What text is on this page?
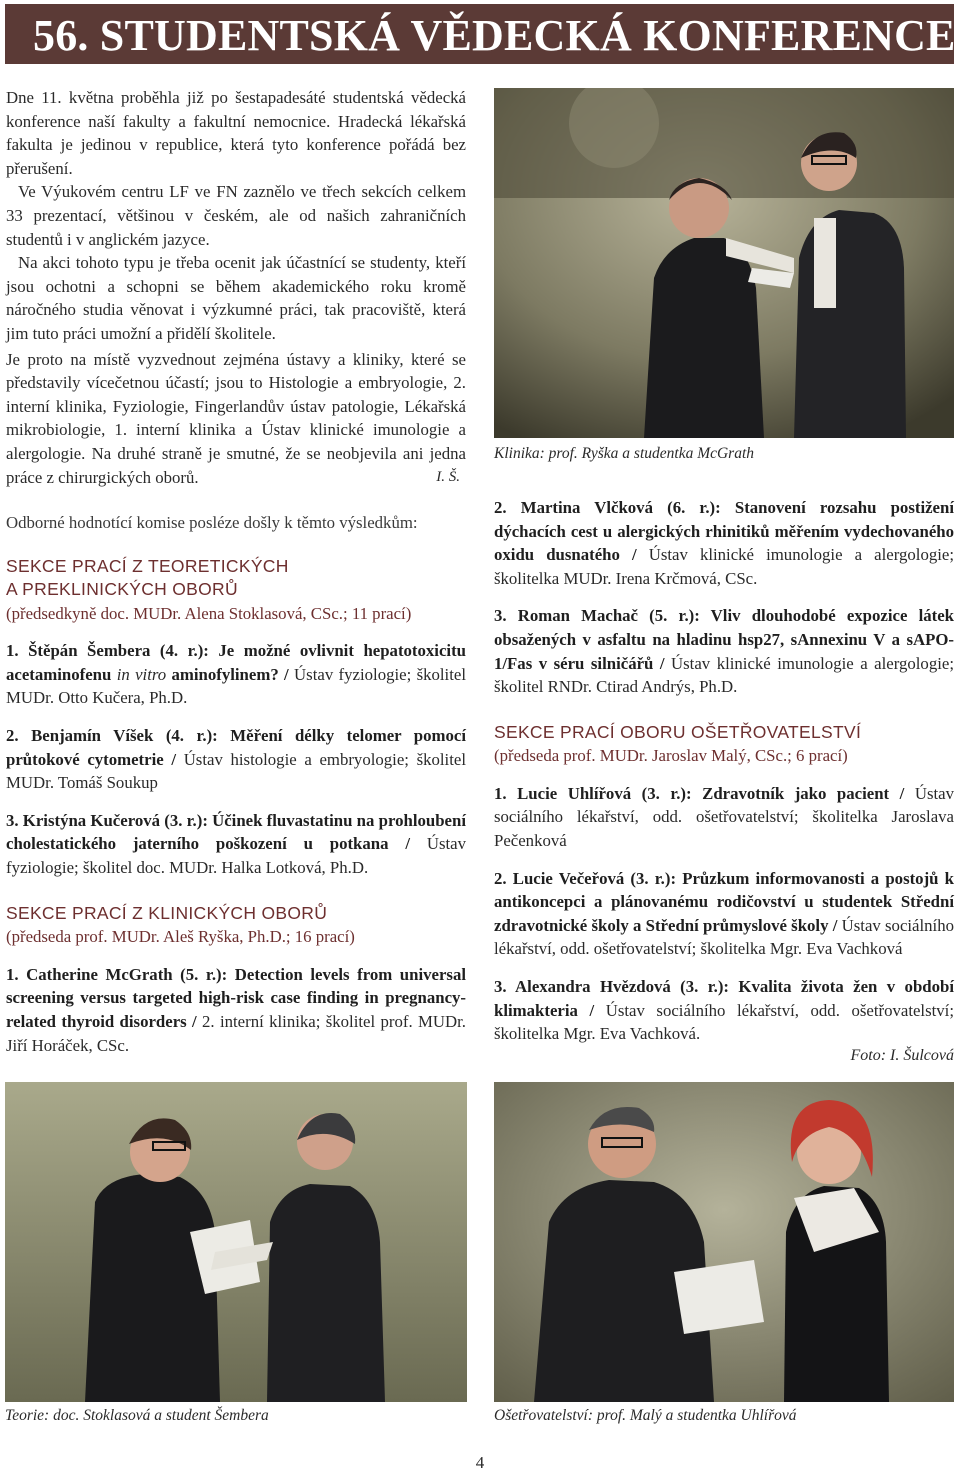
56. STUDENTSKÁ VĚDECKÁ KONFERENCE

Dne 11. května proběhla již po šestapadesáté studentská vědecká konference naší fakulty a fakultní nemocnice. Hradecká lékařská fakulta je jedinou v republice, která tyto konference pořádá bez přerušení.

Ve Výukovém centru LF ve FN zaznělo ve třech sekcích celkem 33 prezentací, většinou v českém, ale od našich zahraničních studentů i v anglickém jazyce.

Na akci tohoto typu je třeba ocenit jak účastnící se studenty, kteří jsou ochotni a schopni se během akademického roku kromě náročného studia věnovat i výzkumné práci, tak pracoviště, která jim tuto práci umožní a přidělí školitele.

Je proto na místě vyzvednout zejména ústavy a kliniky, které se představily vícečetnou účastí; jsou to Histologie a embryologie, 2. interní klinika, Fyziologie, Fingerlandův ústav patologie, Lékařská mikrobiologie, 1. interní klinika a Ústav klinické imunologie a alergologie. Na druhé straně je smutné, že se neobjevila ani jedna práce z chirurgických oborů.	I. Š.

Odborné hodnotící komise posléze došly k těmto výsledkům:

SEKCE PRACÍ Z TEORETICKÝCH
A PREKLINICKÝCH OBORŮ
(předsedkyně doc. MUDr. Alena Stoklasová, CSc.; 11 prací)

1. Štěpán Šembera (4. r.): Je možné ovlivnit hepatotoxicitu acetaminofenu in vitro aminofylinem? / Ústav fyziologie; školitel MUDr. Otto Kučera, Ph.D.

2. Benjamín Víšek (4. r.): Měření délky telomer pomocí průtokové cytometrie / Ústav histologie a embryologie; školitel MUDr. Tomáš Soukup

3. Kristýna Kučerová (3. r.): Účinek fluvastatinu na prohloubení cholestatického jaterního poškození u potkana / Ústav fyziologie; školitel doc. MUDr. Halka Lotková, Ph.D.

SEKCE PRACÍ Z KLINICKÝCH OBORŮ
(předseda prof. MUDr. Aleš Ryška, Ph.D.; 16 prací)

1. Catherine McGrath (5. r.): Detection levels from universal screening versus targeted high-risk case finding in pregnancy-related thyroid disorders / 2. interní klinika; školitel prof. MUDr. Jiří Horáček, CSc.

Klinika: prof. Ryška a studentka McGrath

2. Martina Vlčková (6. r.): Stanovení rozsahu postižení dýchacích cest u alergických rhinitiků měřením vydechovaného oxidu dusnatého / Ústav klinické imunologie a alergologie; školitelka MUDr. Irena Krčmová, CSc.

3. Roman Machač (5. r.): Vliv dlouhodobé expozice látek obsažených v asfaltu na hladinu hsp27, sAnnexinu V a sAPO-1/Fas v séru silničářů / Ústav klinické imunologie a alergologie; školitel RNDr. Ctirad Andrýs, Ph.D.

SEKCE PRACÍ OBORU OŠETŘOVATELSTVÍ
(předseda prof. MUDr. Jaroslav Malý, CSc.; 6 prací)

1. Lucie Uhlířová (3. r.): Zdravotník jako pacient / Ústav sociálního lékařství, odd. ošetřovatelství; školitelka Jaroslava Pečenková

2. Lucie Večeřová (3. r.): Průzkum informovanosti a postojů k antikoncepci a plánovanému rodičovství u studentek Střední zdravotnické školy a Střední průmyslové školy / Ústav sociálního lékařství, odd. ošetřovatelství; školitelka Mgr. Eva Vachková

3. Alexandra Hvězdová (3. r.): Kvalita života žen v období klimakteria / Ústav sociálního lékařství, odd. ošetřovatelství; školitelka Mgr. Eva Vachková.

Foto: I. Šulcová
Teorie: doc. Stoklasová a student Šembera	Ošetřovatelství: prof. Malý a studentka Uhlířová
4
